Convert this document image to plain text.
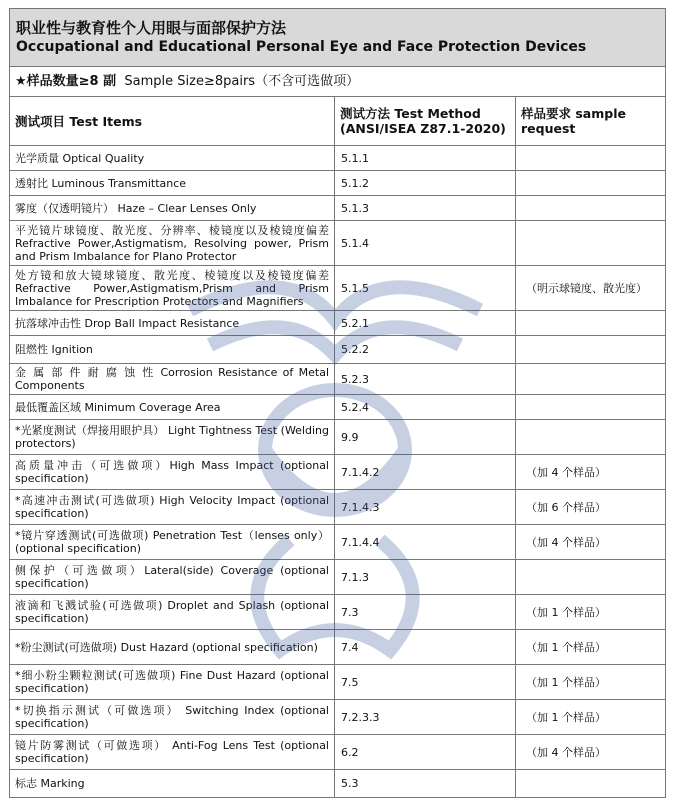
职业性与教育性个人用眼与面部保护方法
Occupational and Educational Personal Eye and Face Protection Devices		

★样品数量≥8 副 Sample Size≥8pairs（不含可选做项）		
测试项目 Test Items	测试方法 Test Method (ANSI/ISEA Z87.1-2020)	样品要求 sample request
光学质量 Optical Quality	5.1.1	
透射比 Luminous Transmittance	5.1.2	
雾度（仅透明镜片） Haze – Clear Lenses Only	5.1.3	
平光镜片球镜度、散光度、分辨率、棱镜度以及棱镜度偏差 Refractive Power,Astigmatism, Resolving power, Prism and Prism Imbalance for Plano Protector	5.1.4	
处方镜和放大镜球镜度、散光度、棱镜度以及棱镜度偏差 Refractive Power,Astigmatism,Prism and Prism Imbalance for Prescription Protectors and Magnifiers	5.1.5	（明示球镜度、散光度）
抗落球冲击性 Drop Ball Impact Resistance	5.2.1	
阻燃性 Ignition	5.2.2	
金 属 部 件 耐 腐 蚀 性 Corrosion Resistance of Metal Components	5.2.3	
最低覆盖区域 Minimum Coverage Area	5.2.4	
*光紧度测试（焊接用眼护具） Light Tightness Test (Welding protectors)	9.9	
高质量冲击（可选做项）High Mass Impact (optional specification)	7.1.4.2	（加 4 个样品）
*高速冲击测试(可选做项) High Velocity Impact (optional specification)	7.1.4.3	（加 6 个样品）
*镜片穿透测试(可选做项) Penetration Test（lenses only）(optional specification)	7.1.4.4	（加 4 个样品）
侧保护（可选做项）Lateral(side) Coverage (optional specification)	7.1.3	
液滴和飞溅试验(可选做项) Droplet and Splash (optional specification)	7.3	（加 1 个样品）
*粉尘测试(可选做项) Dust Hazard (optional specification)	7.4	（加 1 个样品）
*细小粉尘颗粒测试(可选做项) Fine Dust Hazard (optional specification)	7.5	（加 1 个样品）
*切换指示测试（可做选项） Switching Index (optional specification)	7.2.3.3	（加 1 个样品）
镜片防雾测试（可做选项） Anti-Fog Lens Test (optional specification)	6.2	（加 4 个样品）
标志 Marking	5.3	
